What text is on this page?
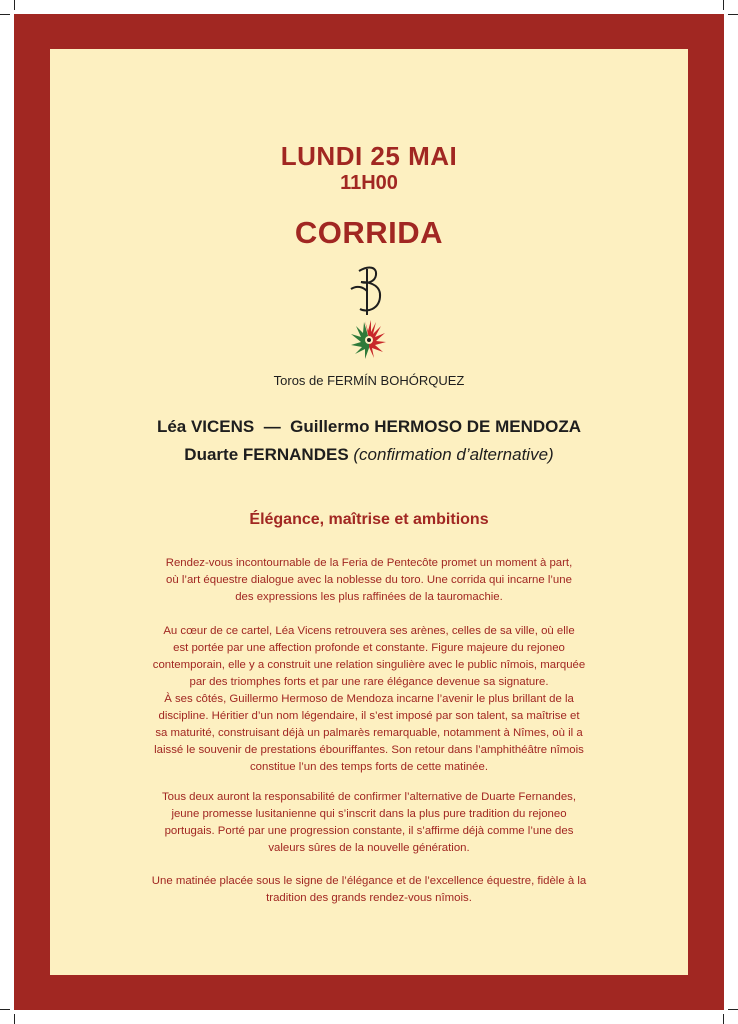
LUNDI 25 MAI
11H00
CORRIDA
Toros de FERMÍN BOHÓRQUEZ
Léa VICENS  —  Guillermo HERMOSO DE MENDOZA
Duarte FERNANDES (confirmation d’alternative)
Élégance, maîtrise et ambitions
Rendez-vous incontournable de la Feria de Pentecôte promet un moment à part,
où l’art équestre dialogue avec la noblesse du toro. Une corrida qui incarne l’une
des expressions les plus raffinées de la tauromachie.
Au cœur de ce cartel, Léa Vicens retrouvera ses arènes, celles de sa ville, où elle
est portée par une affection profonde et constante. Figure majeure du rejoneo
contemporain, elle y a construit une relation singulière avec le public nîmois, marquée
par des triomphes forts et par une rare élégance devenue sa signature.
À ses côtés, Guillermo Hermoso de Mendoza incarne l’avenir le plus brillant de la
discipline. Héritier d’un nom légendaire, il s’est imposé par son talent, sa maîtrise et
sa maturité, construisant déjà un palmarès remarquable, notamment à Nîmes, où il a
laissé le souvenir de prestations ébouriffantes. Son retour dans l’amphithéâtre nîmois
constitue l’un des temps forts de cette matinée.
Tous deux auront la responsabilité de confirmer l’alternative de Duarte Fernandes,
jeune promesse lusitanienne qui s’inscrit dans la plus pure tradition du rejoneo
portugais. Porté par une progression constante, il s’affirme déjà comme l’une des
valeurs sûres de la nouvelle génération.
Une matinée placée sous le signe de l’élégance et de l’excellence équestre, fidèle à la
tradition des grands rendez-vous nîmois.
